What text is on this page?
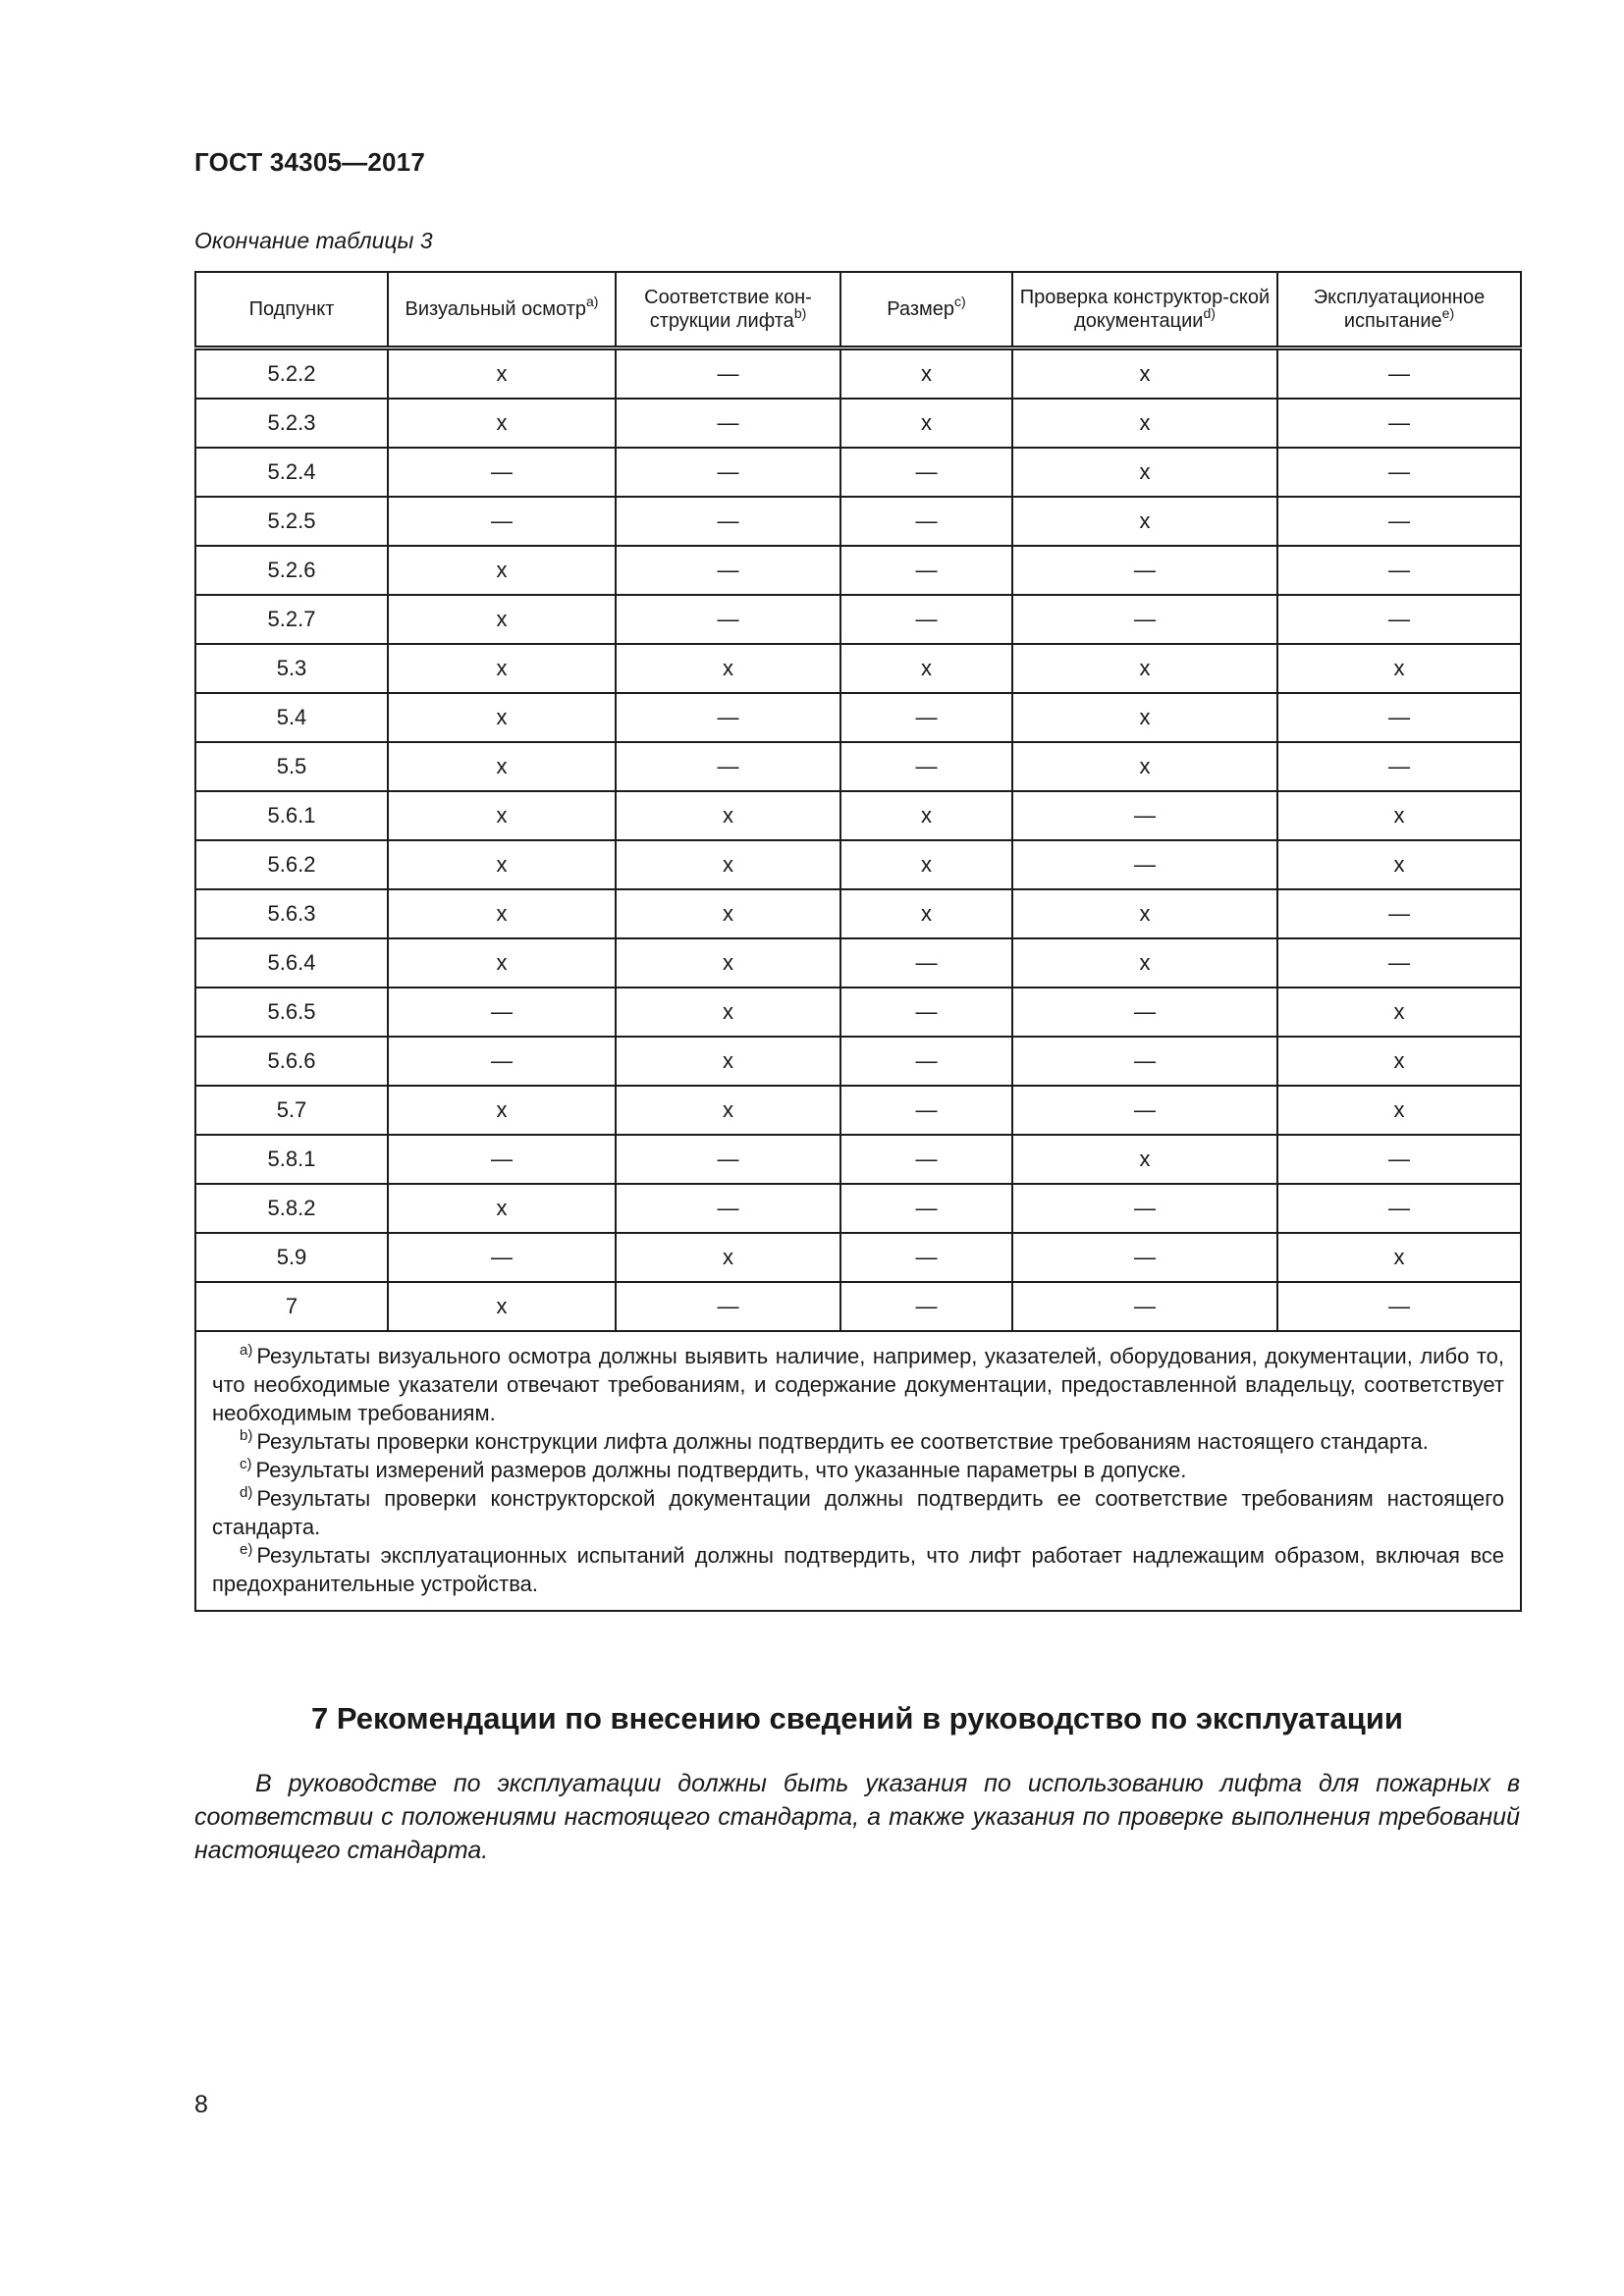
ГОСТ 34305—2017
Окончание таблицы 3
Подпункт	Визуальный осмотр$^{a)}$	Соответствие кон-струкции лифта$^{b)}$	Размер$^{c)}$	Проверка конструктор-ской документации$^{d)}$	Эксплуатационное испытание$^{e)}$
5.2.2	x	—	x	x	—
5.2.3	x	—	x	x	—
5.2.4	—	—	—	x	—
5.2.5	—	—	—	x	—
5.2.6	x	—	—	—	—
5.2.7	x	—	—	—	—
5.3	x	x	x	x	x
5.4	x	—	—	x	—
5.5	x	—	—	x	—
5.6.1	x	x	x	—	x
5.6.2	x	x	x	—	x
5.6.3	x	x	x	x	—
5.6.4	x	x	—	x	—
5.6.5	—	x	—	—	x
5.6.6	—	x	—	—	x
5.7	x	x	—	—	x
5.8.1	—	—	—	x	—
5.8.2	x	—	—	—	—
5.9	—	x	—	—	x
7	x	—	—	—	—

$^{a)}$ Результаты визуального осмотра должны выявить наличие, например, указателей, оборудования, документации, либо то, что необходимые указатели отвечают требованиям, и содержание документации, предоставленной владельцу, соответствует необходимым требованиям.
$^{b)}$ Результаты проверки конструкции лифта должны подтвердить ее соответствие требованиям настоящего стандарта.
$^{c)}$ Результаты измерений размеров должны подтвердить, что указанные параметры в допуске.
$^{d)}$ Результаты проверки конструкторской документации должны подтвердить ее соответствие требованиям настоящего стандарта.
$^{e)}$ Результаты эксплуатационных испытаний должны подтвердить, что лифт работает надлежащим образом, включая все предохранительные устройства.					
7 Рекомендации по внесению сведений в руководство по эксплуатации
В руководстве по эксплуатации должны быть указания по использованию лифта для пожарных в соответствии с положениями настоящего стандарта, а также указания по проверке выполнения требований настоящего стандарта.
8
